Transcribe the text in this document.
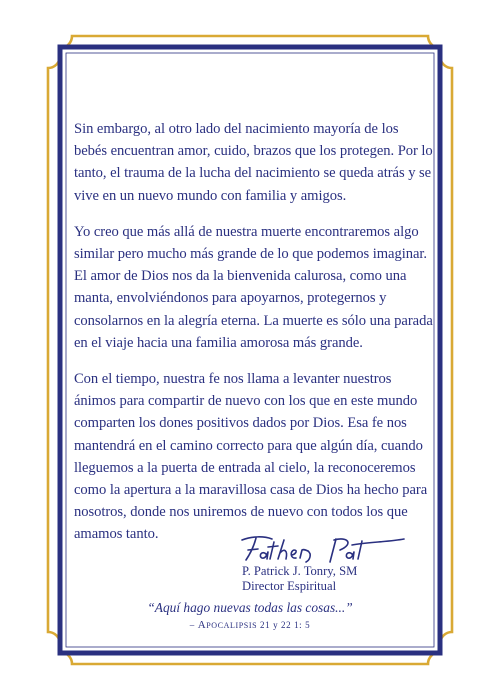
Sin embargo, al otro lado del nacimiento mayoría de los bebés encuentran amor, cuido, brazos que los protegen. Por lo tanto, el trauma de la lucha del nacimiento se queda atrás y se vive en un nuevo mundo con familia y amigos.

Yo creo que más allá de nuestra muerte encontraremos algo similar pero mucho más grande de lo que podemos imaginar. El amor de Dios nos da la bienvenida calurosa, como una manta, envolviéndonos para apoyarnos, protegernos y consolarnos en la alegría eterna. La muerte es sólo una parada en el viaje hacia una familia amorosa más grande.

Con el tiempo, nuestra fe nos llama a levanter nuestros ánimos para compartir de nuevo con los que en este mundo comparten los dones positivos dados por Dios. Esa fe nos mantendrá en el camino correcto para que algún día, cuando lleguemos a la puerta de entrada al cielo, la reconoceremos como la apertura a la maravillosa casa de Dios ha hecho para nosotros, donde nos uniremos de nuevo con todos los que amamos tanto.

P. Patrick J. Tonry, SM
Director Espiritual
“Aquí hago nuevas todas las cosas...”
– Apocalipsis 21 y 22 1: 5
